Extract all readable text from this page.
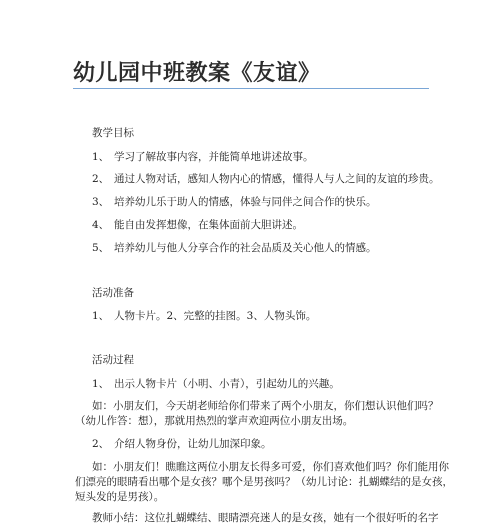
幼儿园中班教案《友谊》
教学目标
1、 学习了解故事内容，并能简单地讲述故事。
2、 通过人物对话，感知人物内心的情感，懂得人与人之间的友谊的珍贵。
3、 培养幼儿乐于助人的情感，体验与同伴之间合作的快乐。
4、 能自由发挥想像，在集体面前大胆讲述。
5、 培养幼儿与他人分享合作的社会品质及关心他人的情感。
活动准备
1、 人物卡片。2、完整的挂图。3、人物头饰。
活动过程
1、 出示人物卡片（小明、小青），引起幼儿的兴趣。
如：小朋友们，今天胡老师给你们带来了两个小朋友，你们想认识他们吗？
（幼儿作答：想），那就用热烈的掌声欢迎两位小朋友出场。
2、 介绍人物身份，让幼儿加深印象。
如：小朋友们！瞧瞧这两位小朋友长得多可爱，你们喜欢他们吗？你们能用你
们漂亮的眼睛看出哪个是女孩？哪个是男孩吗？（幼儿讨论：扎蝴蝶结的是女孩，
短头发的是男孩）。
教师小结：这位扎蝴蝶结、眼睛漂亮迷人的是女孩，她有一个很好听的名字
